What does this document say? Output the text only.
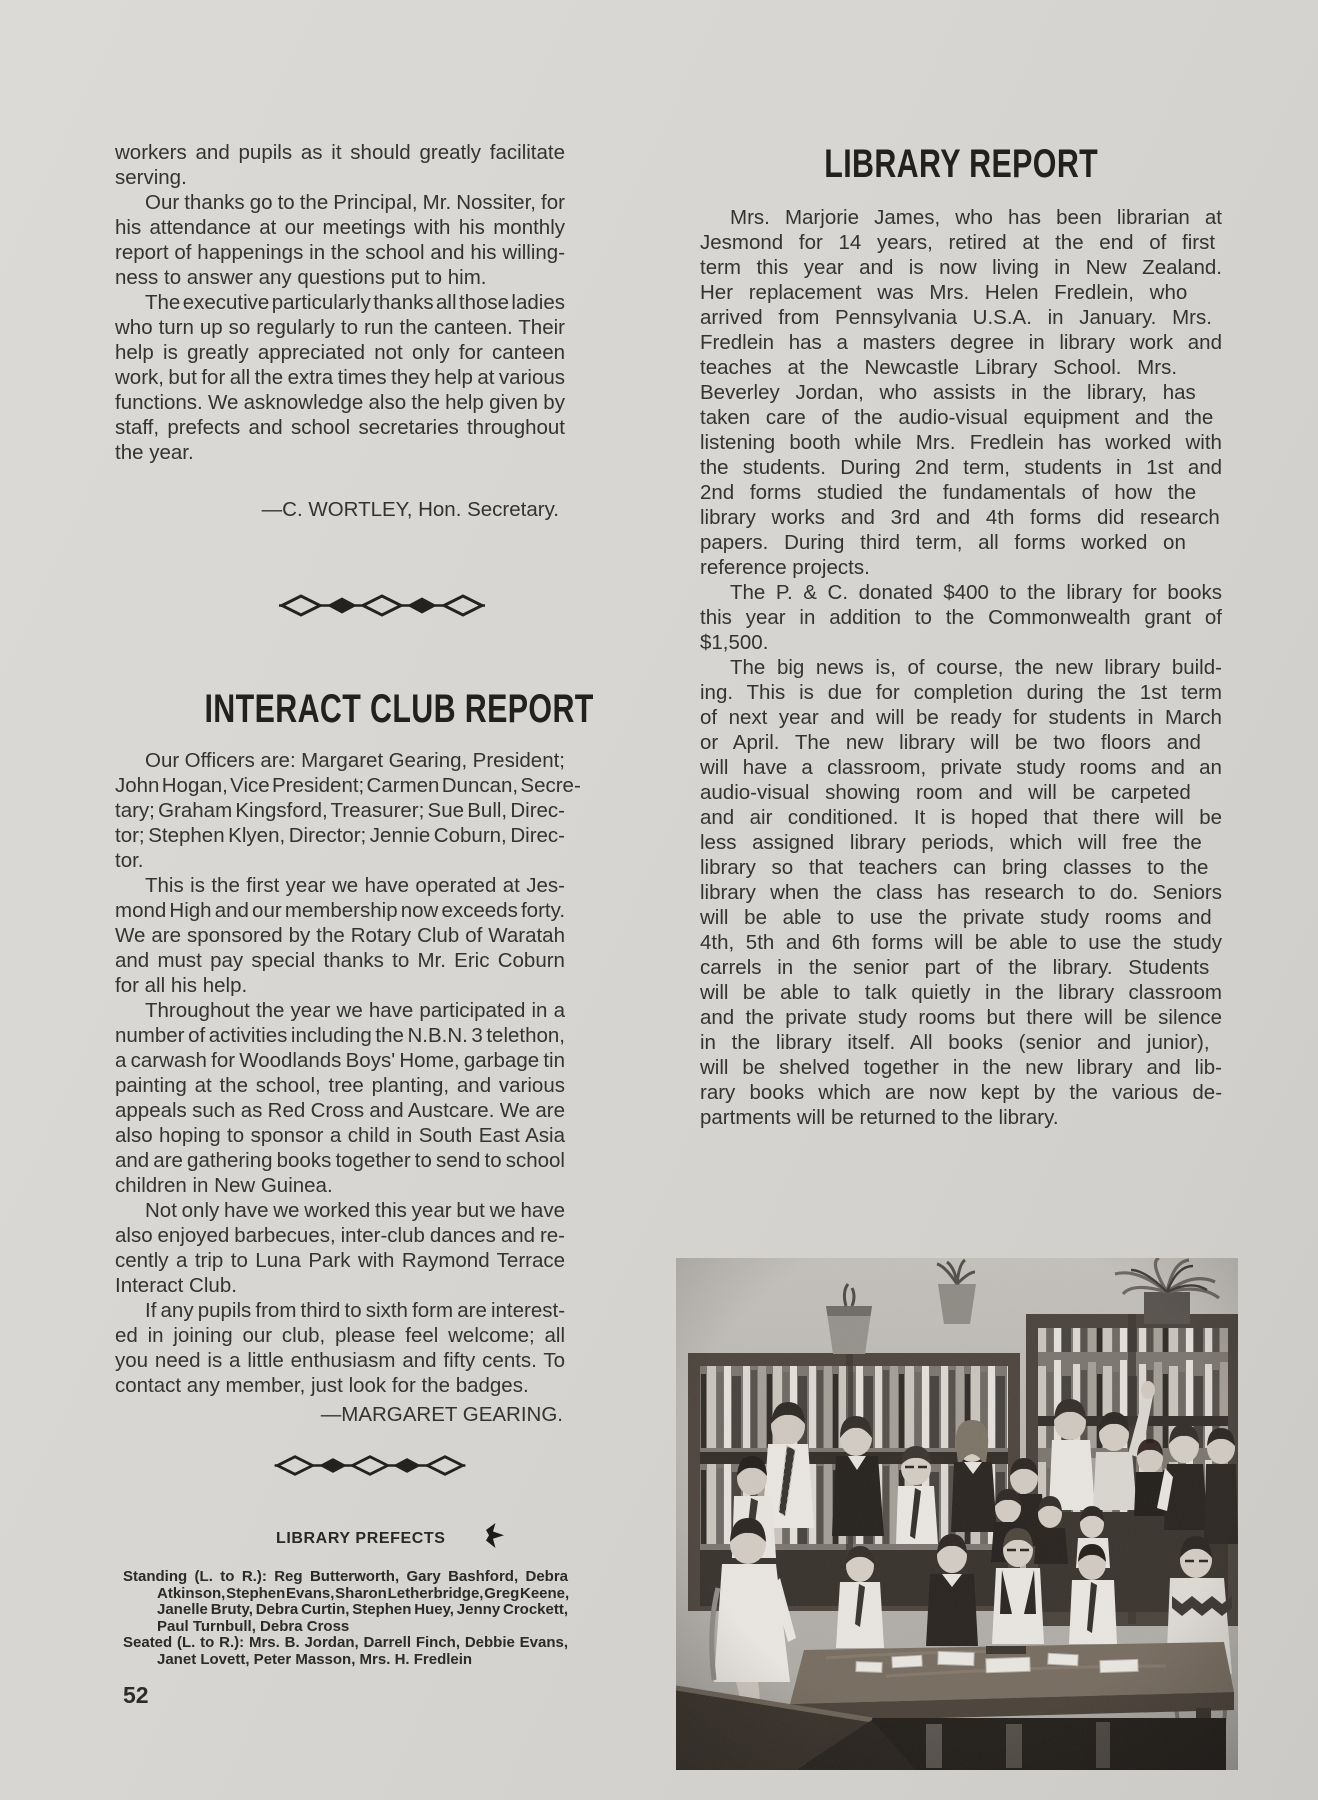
workers and pupils as it should greatly facilitate
serving.
Our thanks go to the Principal, Mr. Nossiter, for
his attendance at our meetings with his monthly
report of happenings in the school and his willing-
ness to answer any questions put to him.
The executive particularly thanks all those ladies
who turn up so regularly to run the canteen. Their
help is greatly appreciated not only for canteen
work, but for all the extra times they help at various
functions. We asknowledge also the help given by
staff, prefects and school secretaries throughout
the year.
—C. WORTLEY, Hon. Secretary.
INTERACT CLUB REPORT
Our Officers are: Margaret Gearing, President;
John Hogan, Vice President; Carmen Duncan, Secre-
tary; Graham Kingsford, Treasurer; Sue Bull, Direc-
tor; Stephen Klyen, Director; Jennie Coburn, Direc-
tor.
This is the first year we have operated at Jes-
mond High and our membership now exceeds forty.
We are sponsored by the Rotary Club of Waratah
and must pay special thanks to Mr. Eric Coburn
for all his help.
Throughout the year we have participated in a
number of activities including the N.B.N. 3 telethon,
a carwash for Woodlands Boys' Home, garbage tin
painting at the school, tree planting, and various
appeals such as Red Cross and Austcare. We are
also hoping to sponsor a child in South East Asia
and are gathering books together to send to school
children in New Guinea.
Not only have we worked this year but we have
also enjoyed barbecues, inter-club dances and re-
cently a trip to Luna Park with Raymond Terrace
Interact Club.
If any pupils from third to sixth form are interest-
ed in joining our club, please feel welcome; all
you need is a little enthusiasm and fifty cents. To
contact any member, just look for the badges.
—MARGARET GEARING.
LIBRARY PREFECTS
Standing (L. to R.): Reg Butterworth, Gary Bashford, Debra
Atkinson, Stephen Evans, Sharon Letherbridge, Greg Keene,
Janelle Bruty, Debra Curtin, Stephen Huey, Jenny Crockett,
Paul Turnbull, Debra Cross
Seated (L. to R.): Mrs. B. Jordan, Darrell Finch, Debbie Evans,
Janet Lovett, Peter Masson, Mrs. H. Fredlein
52
LIBRARY REPORT
Mrs. Marjorie James, who has been librarian at
Jesmond for 14 years, retired at the end of first
term this year and is now living in New Zealand.
Her replacement was Mrs. Helen Fredlein, who
arrived from Pennsylvania U.S.A. in January. Mrs.
Fredlein has a masters degree in library work and
teaches at the Newcastle Library School. Mrs.
Beverley Jordan, who assists in the library, has
taken care of the audio-visual equipment and the
listening booth while Mrs. Fredlein has worked with
the students. During 2nd term, students in 1st and
2nd forms studied the fundamentals of how the
library works and 3rd and 4th forms did research
papers. During third term, all forms worked on
reference projects.
The P. & C. donated $400 to the library for books
this year in addition to the Commonwealth grant of
$1,500.
The big news is, of course, the new library build-
ing. This is due for completion during the 1st term
of next year and will be ready for students in March
or April. The new library will be two floors and
will have a classroom, private study rooms and an
audio-visual showing room and will be carpeted
and air conditioned. It is hoped that there will be
less assigned library periods, which will free the
library so that teachers can bring classes to the
library when the class has research to do. Seniors
will be able to use the private study rooms and
4th, 5th and 6th forms will be able to use the study
carrels in the senior part of the library. Students
will be able to talk quietly in the library classroom
and the private study rooms but there will be silence
in the library itself. All books (senior and junior),
will be shelved together in the new library and lib-
rary books which are now kept by the various de-
partments will be returned to the library.
